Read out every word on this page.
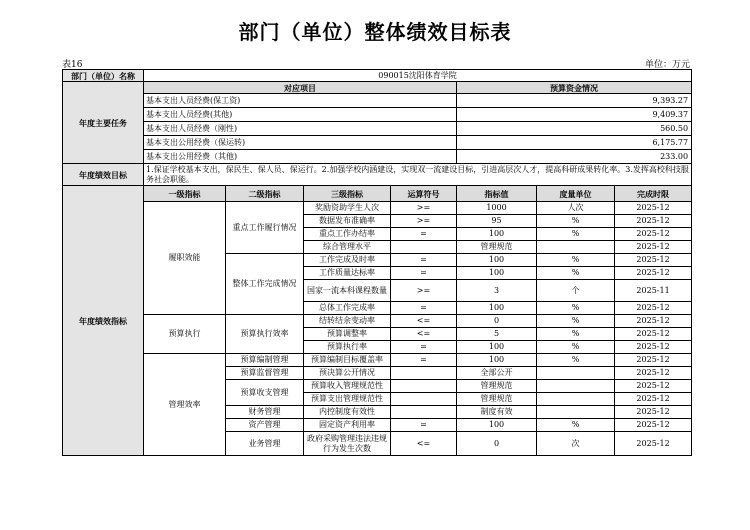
部门（单位）整体绩效目标表
表16	单位：万元
部门（单位）名称	090015沈阳体育学院						
年度主要任务	对应项目				预算资金情况		
	基本支出人员经费(保工资)				9,393.27		
	基本支出人员经费(其他)				9,409.37		
	基本支出人员经费（刚性)				560.50		
	基本支出公用经费（保运转)				6,175.77		
	基本支出公用经费（其他)				233.00		
年度绩效目标	1.保证学校基本支出，保民生、保人员、保运行。2.加强学校内涵建设，实现双一流建设目标，引进高层次人才，提高科研成果转化率。3.发挥高校科技服务社会职能。						
年度绩效指标	一级指标	二级指标	三级指标	运算符号	指标值	度量单位	完成时限
	履职效能	重点工作履行情况	奖励资助学生人次	>=	1000	人次	2025-12
			数据发布准确率	>=	95	%	2025-12
			重点工作办结率	=	100	%	2025-12
			综合管理水平		管理规范		2025-12
		整体工作完成情况	工作完成及时率	=	100	%	2025-12
			工作质量达标率	=	100	%	2025-12
			国家一流本科课程数量	>=	3	个	2025-11
			总体工作完成率	=	100	%	2025-12
	预算执行	预算执行效率	结转结余变动率	<=	0	%	2025-12
			预算调整率	<=	5	%	2025-12
			预算执行率	=	100	%	2025-12
	管理效率	预算编制管理	预算编制目标覆盖率	=	100	%	2025-12
		预算监督管理	预决算公开情况		全部公开		2025-12
		预算收支管理	预算收入管理规范性		管理规范		2025-12
			预算支出管理规范性		管理规范		2025-12
		财务管理	内控制度有效性		制度有效		2025-12
		资产管理	固定资产利用率	=	100	%	2025-12
		业务管理	政府采购管理违法违规行为发生次数	<=	0	次	2025-12
